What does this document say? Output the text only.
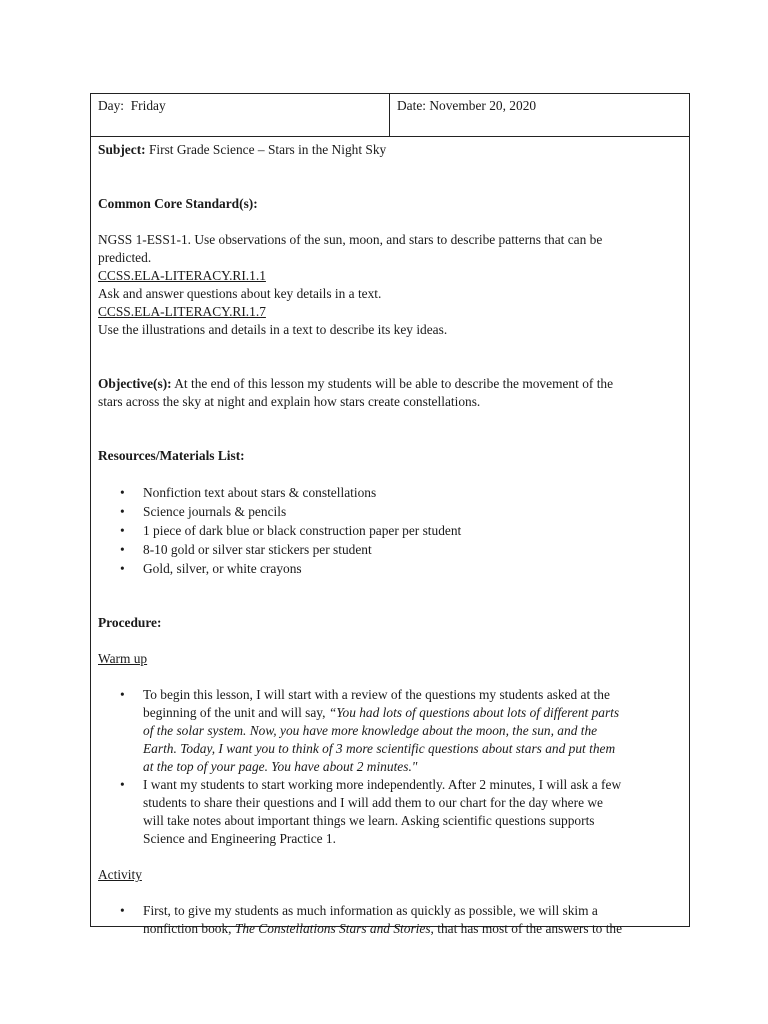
Day: Friday	Date: November 20, 2020

Subject: First Grade Science – Stars in the Night Sky

Common Core Standard(s):

NGSS 1-ESS1-1. Use observations of the sun, moon, and stars to describe patterns that can be

predicted.

CCSS.ELA-LITERACY.RI.1.1

Ask and answer questions about key details in a text.

CCSS.ELA-LITERACY.RI.1.7

Use the illustrations and details in a text to describe its key ideas.

Objective(s): At the end of this lesson my students will be able to describe the movement of the

stars across the sky at night and explain how stars create constellations.

Resources/Materials List:

• Nonfiction text about stars & constellations
• Science journals & pencils
• 1 piece of dark blue or black construction paper per student
• 8-10 gold or silver star stickers per student
• Gold, silver, or white crayons

Procedure:

Warm up

• To begin this lesson, I will start with a review of the questions my students asked at the
beginning of the unit and will say, “You had lots of questions about lots of different parts
of the solar system. Now, you have more knowledge about the moon, the sun, and the
Earth. Today, I want you to think of 3 more scientific questions about stars and put them
at the top of your page. You have about 2 minutes."
• I want my students to start working more independently. After 2 minutes, I will ask a few
students to share their questions and I will add them to our chart for the day where we
will take notes about important things we learn. Asking scientific questions supports
Science and Engineering Practice 1.

Activity

• First, to give my students as much information as quickly as possible, we will skim a
nonfiction book, The Constellations Stars and Stories, that has most of the answers to the
